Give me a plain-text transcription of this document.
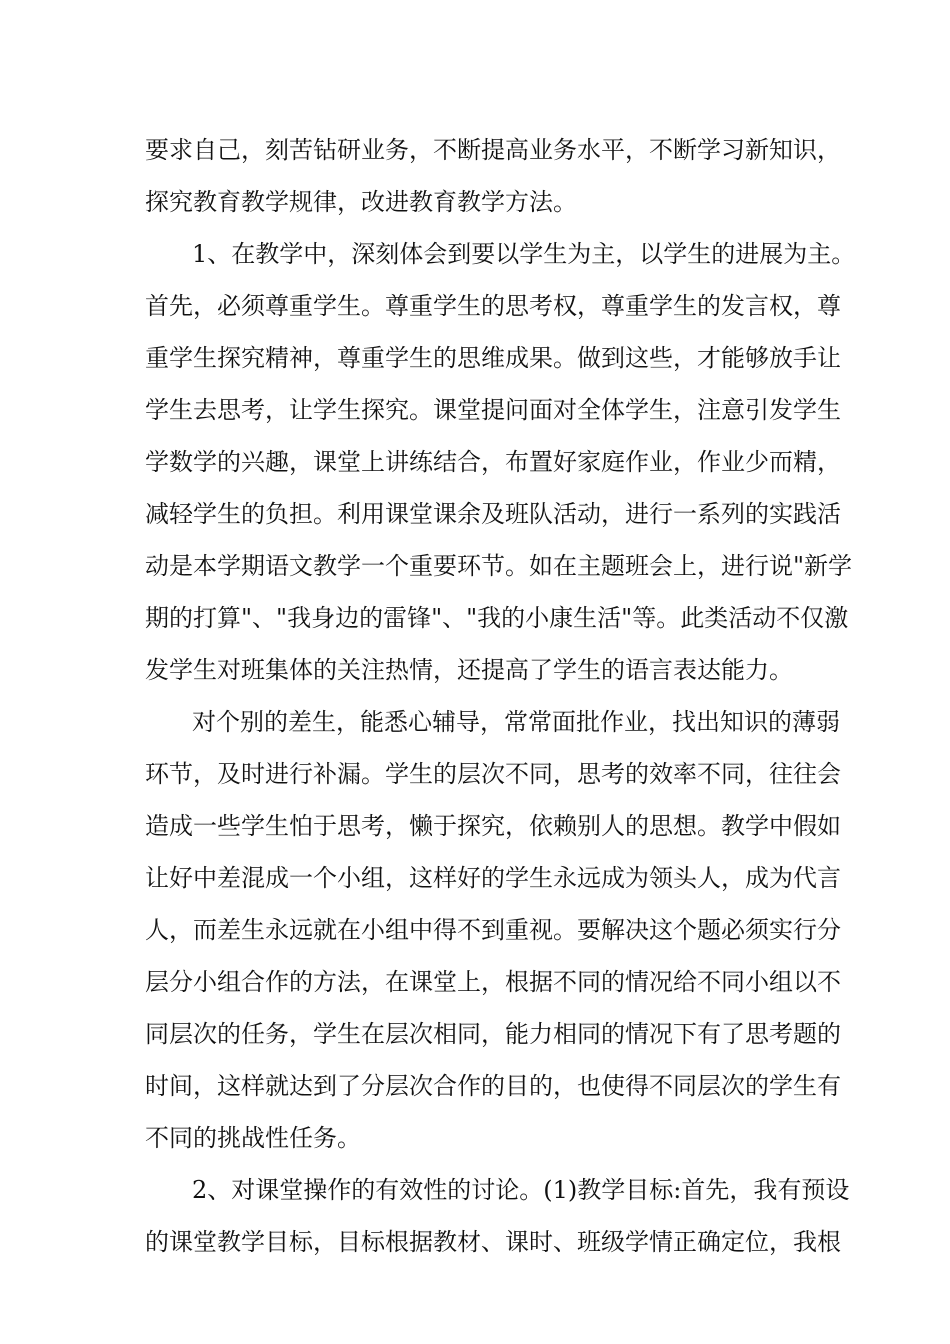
要求自己，刻苦钻研业务，不断提高业务水平，不断学习新知识，
探究教育教学规律，改进教育教学方法。
1、在教学中，深刻体会到要以学生为主，以学生的进展为主。
首先，必须尊重学生。尊重学生的思考权，尊重学生的发言权，尊
重学生探究精神，尊重学生的思维成果。做到这些，才能够放手让
学生去思考，让学生探究。课堂提问面对全体学生，注意引发学生
学数学的兴趣，课堂上讲练结合，布置好家庭作业，作业少而精，
减轻学生的负担。利用课堂课余及班队活动，进行一系列的实践活
动是本学期语文教学一个重要环节。如在主题班会上，进行说"新学
期的打算"、"我身边的雷锋"、"我的小康生活"等。此类活动不仅激
发学生对班集体的关注热情，还提高了学生的语言表达能力。
对个别的差生，能悉心辅导，常常面批作业，找出知识的薄弱
环节，及时进行补漏。学生的层次不同，思考的效率不同，往往会
造成一些学生怕于思考，懒于探究，依赖别人的思想。教学中假如
让好中差混成一个小组，这样好的学生永远成为领头人，成为代言
人，而差生永远就在小组中得不到重视。要解决这个题必须实行分
层分小组合作的方法，在课堂上，根据不同的情况给不同小组以不
同层次的任务，学生在层次相同，能力相同的情况下有了思考题的
时间，这样就达到了分层次合作的目的，也使得不同层次的学生有
不同的挑战性任务。
2、对课堂操作的有效性的讨论。(1)教学目标:首先，我有预设
的课堂教学目标，目标根据教材、课时、班级学情正确定位，我根
